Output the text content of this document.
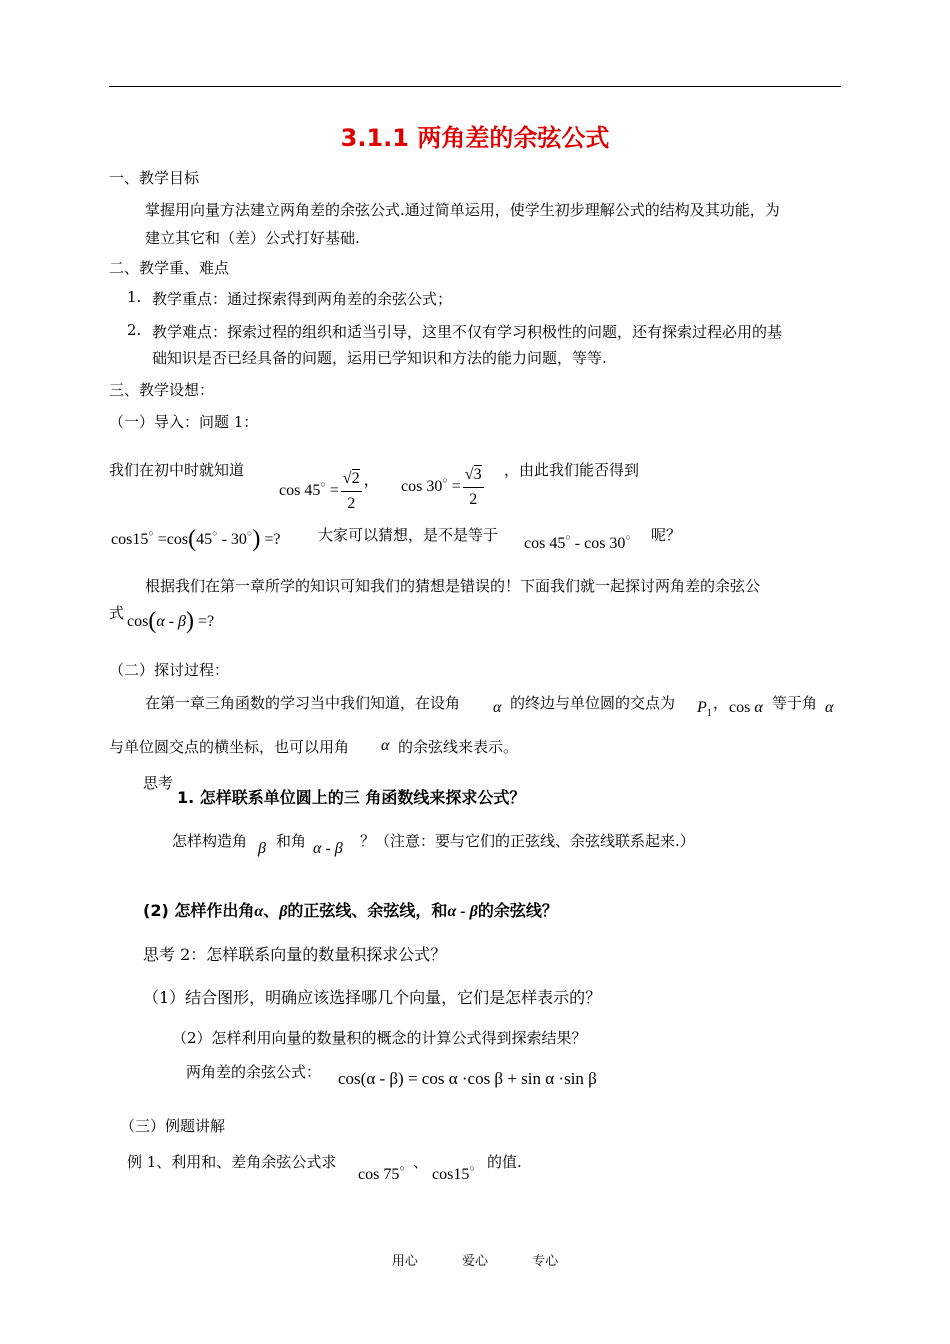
3.1.1 两角差的余弦公式
一、教学目标
掌握用向量方法建立两角差的余弦公式.通过简单运用，使学生初步理解公式的结构及其功能，为
建立其它和（差）公式打好基础.
二、教学重、难点
1. 教学重点：通过探索得到两角差的余弦公式；
2. 教学难点：探索过程的组织和适当引导，这里不仅有学习积极性的问题，还有探索过程必用的基
础知识是否已经具备的问题，运用已学知识和方法的能力问题，等等.
三、教学设想：
（一）导入：问题 1：
我们在初中时就知道
$\cos 45^○ = \frac{√2}{2}$ ， $\cos 30^○ = \frac{√3}{2}$ ，由此我们能否得到
cos15○ =cos(45○ - 30○) =?	大家可以猜想，是不是等于 cos 45○ - cos 30○ 呢？
根据我们在第一章所学的知识可知我们的猜想是错误的！下面我们就一起探讨两角差的余弦公
式 cos(α - β) =?
（二）探讨过程：
在第一章三角函数的学习当中我们知道，在设角 α 的终边与单位圆的交点为 $P_1$
， cos α 等于角 α
与单位圆交点的横坐标，也可以用角 α 的余弦线来表示。
思考
1. 怎样联系单位圆上的三 角函数线来探求公式？
怎样构造角 β 和角 α - β ？（注意：要与它们的正弦线、余弦线联系起来.）
(2) 怎样作出角α、β的正弦线、余弦线，和α - β的余弦线？
思考 2：怎样联系向量的数量积探求公式？
（1）结合图形，明确应该选择哪几个向量，它们是怎样表示的？
（2）怎样利用向量的数量积的概念的计算公式得到探索结果？
两角差的余弦公式： cos(α - β) = cos α ·cos β + sin α ·sin β
（三）例题讲解
例 1、利用和、差角余弦公式求
cos 75○ 、
cos15○ 的值.
用心	爱心	专心
